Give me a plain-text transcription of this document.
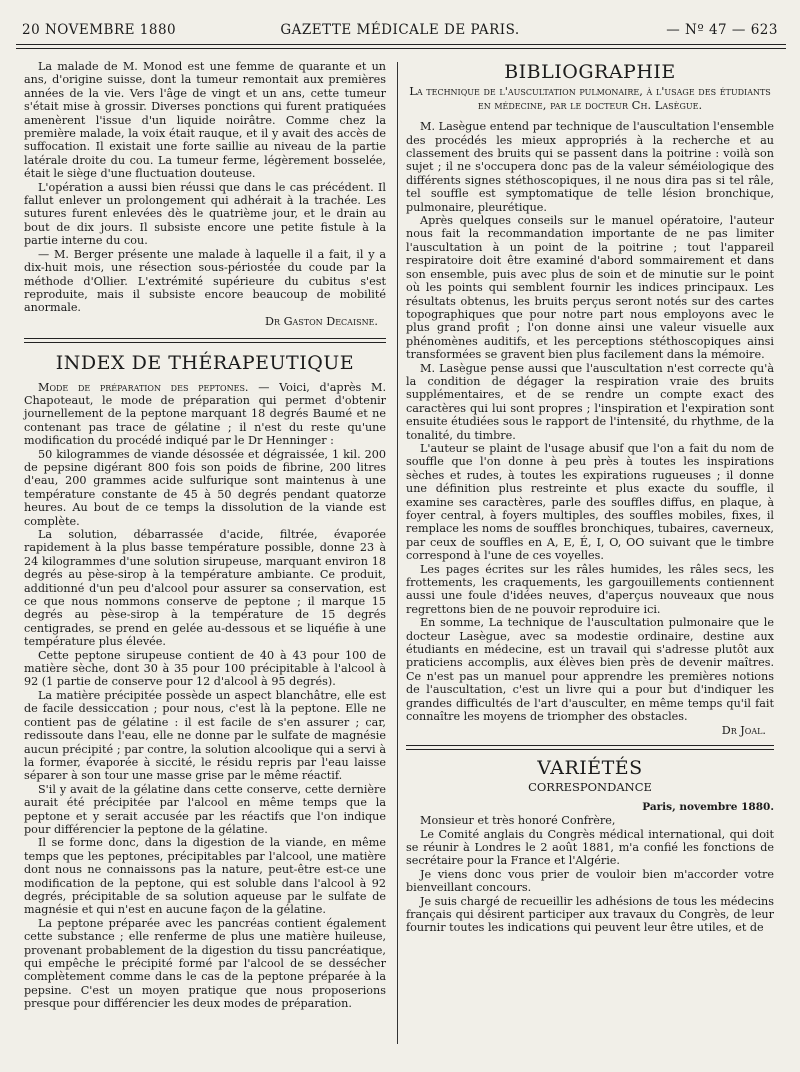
20 NOVEMBRE 1880	GAZETTE MÉDICALE DE PARIS.	— Nº 47 — 623

La malade de M. Monod est une femme de quarante et un ans, d'origine suisse, dont la tumeur remontait aux premières années de la vie. Vers l'âge de vingt et un ans, cette tumeur s'était mise à grossir. Diverses ponctions qui furent pratiquées amenèrent l'issue d'un liquide noirâtre. Comme chez la première malade, la voix était rauque, et il y avait des accès de suffocation. Il existait une forte saillie au niveau de la partie latérale droite du cou. La tumeur ferme, légèrement bosselée, était le siège d'une fluctuation douteuse.

L'opération a aussi bien réussi que dans le cas précédent. Il fallut enlever un prolongement qui adhérait à la trachée. Les sutures furent enlevées dès le quatrième jour, et le drain au bout de dix jours. Il subsiste encore une petite fistule à la partie interne du cou.

— M. Berger présente une malade à laquelle il a fait, il y a dix-huit mois, une résection sous-périostée du coude par la méthode d'Ollier. L'extrémité supérieure du cubitus s'est reproduite, mais il subsiste encore beaucoup de mobilité anormale.

Dr Gaston Decaisne.
INDEX DE THÉRAPEUTIQUE

Mode de préparation des peptones. — Voici, d'après M. Chapoteaut, le mode de préparation qui permet d'obtenir journellement de la peptone marquant 18 degrés Baumé et ne contenant pas trace de gélatine ; il n'est du reste qu'une modification du procédé indiqué par le Dr Henninger :

50 kilogrammes de viande désossée et dégraissée, 1 kil. 200 de pepsine digérant 800 fois son poids de fibrine, 200 litres d'eau, 200 grammes acide sulfurique sont maintenus à une température constante de 45 à 50 degrés pendant quatorze heures. Au bout de ce temps la dissolution de la viande est complète.

La solution, débarrassée d'acide, filtrée, évaporée rapidement à la plus basse température possible, donne 23 à 24 kilogrammes d'une solution sirupeuse, marquant environ 18 degrés au pèse-sirop à la température ambiante. Ce produit, additionné d'un peu d'alcool pour assurer sa conservation, est ce que nous nommons conserve de peptone ; il marque 15 degrés au pèse-sirop à la température de 15 degrés centigrades, se prend en gelée au-dessous et se liquéfie à une température plus élevée.

Cette peptone sirupeuse contient de 40 à 43 pour 100 de matière sèche, dont 30 à 35 pour 100 précipitable à l'alcool à 92 (1 partie de conserve pour 12 d'alcool à 95 degrés).

La matière précipitée possède un aspect blanchâtre, elle est de facile dessiccation ; pour nous, c'est là la peptone. Elle ne contient pas de gélatine : il est facile de s'en assurer ; car, redissoute dans l'eau, elle ne donne par le sulfate de magnésie aucun précipité ; par contre, la solution alcoolique qui a servi à la former, évaporée à siccité, le résidu repris par l'eau laisse séparer à son tour une masse grise par le même réactif.

S'il y avait de la gélatine dans cette conserve, cette dernière aurait été précipitée par l'alcool en même temps que la peptone et y serait accusée par les réactifs que l'on indique pour différencier la peptone de la gélatine.

Il se forme donc, dans la digestion de la viande, en même temps que les peptones, précipitables par l'alcool, une matière dont nous ne connaissons pas la nature, peut-être est-ce une modification de la peptone, qui est soluble dans l'alcool à 92 degrés, précipitable de sa solution aqueuse par le sulfate de magnésie et qui n'est en aucune façon de la gélatine.

La peptone préparée avec les pancréas contient également cette substance ; elle renferme de plus une matière huileuse, provenant probablement de la digestion du tissu pancréatique, qui empêche le précipité formé par l'alcool de se dessécher complètement comme dans le cas de la peptone préparée à la pepsine. C'est un moyen pratique que nous proposerions presque pour différencier les deux modes de préparation.

BIBLIOGRAPHIE
La technique de l'auscultation pulmonaire, à l'usage des étudiants en médecine, par le docteur Ch. Lasègue.

M. Lasègue entend par technique de l'auscultation l'ensemble des procédés les mieux appropriés à la recherche et au classement des bruits qui se passent dans la poitrine : voilà son sujet ; il ne s'occupera donc pas de la valeur séméiologique des différents signes stéthoscopiques, il ne nous dira pas si tel râle, tel souffle est symptomatique de telle lésion bronchique, pulmonaire, pleurétique.

Après quelques conseils sur le manuel opératoire, l'auteur nous fait la recommandation importante de ne pas limiter l'auscultation à un point de la poitrine ; tout l'appareil respiratoire doit être examiné d'abord sommairement et dans son ensemble, puis avec plus de soin et de minutie sur le point où les points qui semblent fournir les indices principaux. Les résultats obtenus, les bruits perçus seront notés sur des cartes topographiques que pour notre part nous employons avec le plus grand profit ; l'on donne ainsi une valeur visuelle aux phénomènes auditifs, et les perceptions stéthoscopiques ainsi transformées se gravent bien plus facilement dans la mémoire.

M. Lasègue pense aussi que l'auscultation n'est correcte qu'à la condition de dégager la respiration vraie des bruits supplémentaires, et de se rendre un compte exact des caractères qui lui sont propres ; l'inspiration et l'expiration sont ensuite étudiées sous le rapport de l'intensité, du rhythme, de la tonalité, du timbre.

L'auteur se plaint de l'usage abusif que l'on a fait du nom de souffle que l'on donne à peu près à toutes les inspirations sèches et rudes, à toutes les expirations rugueuses ; il donne une définition plus restreinte et plus exacte du souffle, il examine ses caractères, parle des souffles diffus, en plaque, à foyer central, à foyers multiples, des souffles mobiles, fixes, il remplace les noms de souffles bronchiques, tubaires, caverneux, par ceux de souffles en A, E, É, I, O, OO suivant que le timbre correspond à l'une de ces voyelles.

Les pages écrites sur les râles humides, les râles secs, les frottements, les craquements, les gargouillements contiennent aussi une foule d'idées neuves, d'aperçus nouveaux que nous regrettons bien de ne pouvoir reproduire ici.

En somme, La technique de l'auscultation pulmonaire que le docteur Lasègue, avec sa modestie ordinaire, destine aux étudiants en médecine, est un travail qui s'adresse plutôt aux praticiens accomplis, aux élèves bien près de devenir maîtres. Ce n'est pas un manuel pour apprendre les premières notions de l'auscultation, c'est un livre qui a pour but d'indiquer les grandes difficultés de l'art d'ausculter, en même temps qu'il fait connaître les moyens de triompher des obstacles.

Dr Joal.
VARIÉTÉS
CORRESPONDANCE
Paris, novembre 1880.

Monsieur et très honoré Confrère,

Le Comité anglais du Congrès médical international, qui doit se réunir à Londres le 2 août 1881, m'a confié les fonctions de secrétaire pour la France et l'Algérie.

Je viens donc vous prier de vouloir bien m'accorder votre bienveillant concours.

Je suis chargé de recueillir les adhésions de tous les médecins français qui désirent participer aux travaux du Congrès, de leur fournir toutes les indications qui peuvent leur être utiles, et de
